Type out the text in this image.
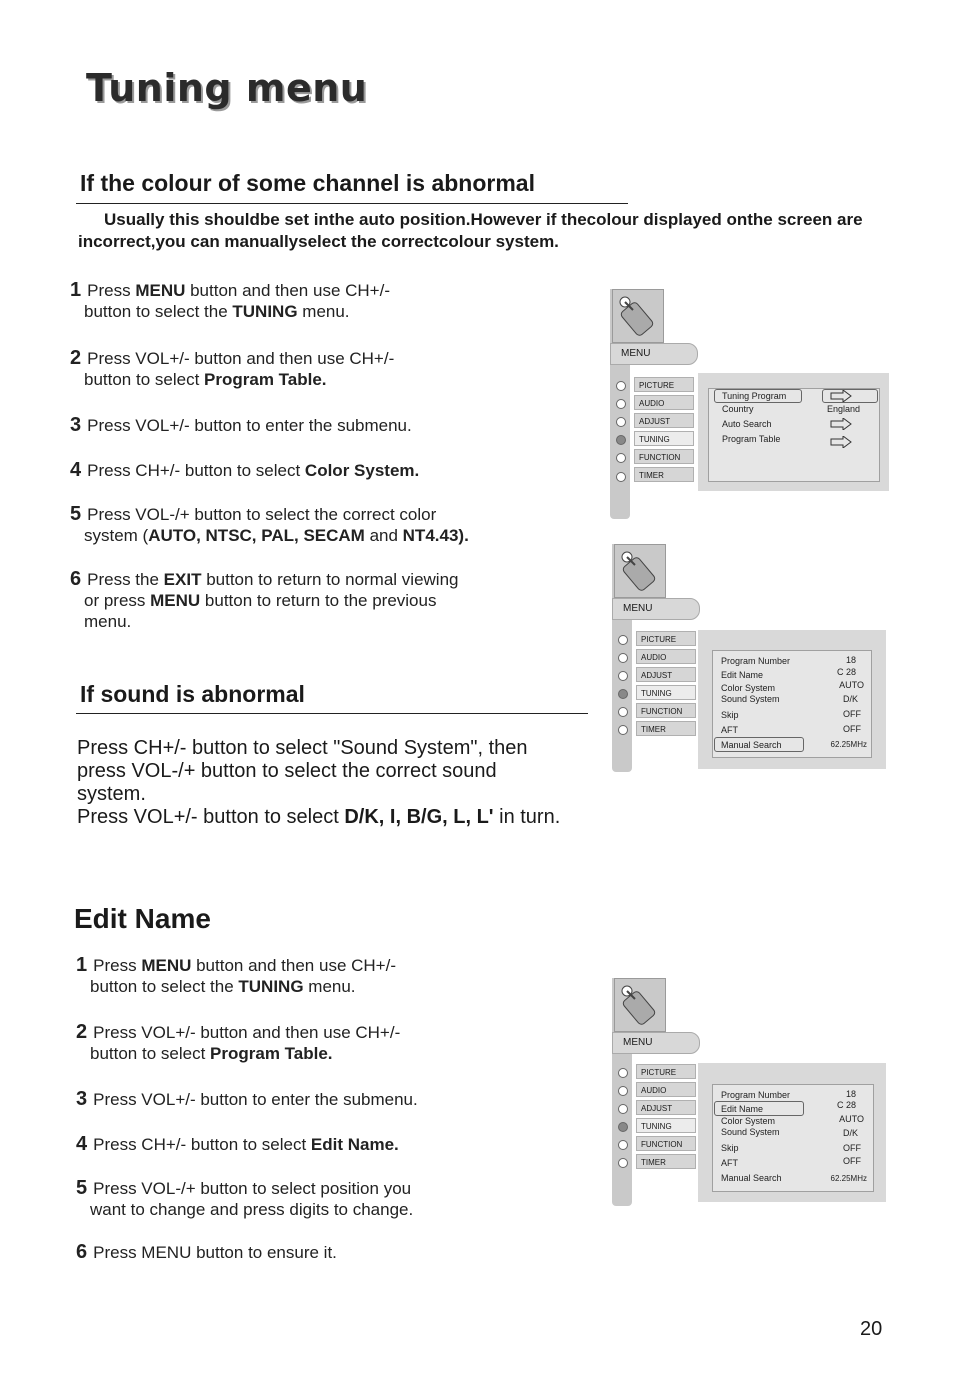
Tuning menu
If the colour of some channel is abnormal
Usually this shouldbe set inthe auto position.However if thecolour displayed onthe screen are incorrect,you can manuallyselect the correctcolour system.
1 Press MENU button and then use CH+/-
button to select the TUNING menu.
2 Press VOL+/- button and then use CH+/-
button to select Program Table.
3 Press VOL+/- button to enter the submenu.
4 Press CH+/- button to select Color System.
5 Press VOL-/+ button to select the correct color
system (AUTO, NTSC, PAL, SECAM and NT4.43).
6 Press the EXIT button to return to normal viewing
or press MENU button to return to the previous
menu.
If sound is abnormal
Press CH+/- button to select "Sound System", then
press VOL-/+ button to select the correct sound
system.
Press VOL+/- button to select D/K, I, B/G, L, L' in turn.
Edit Name
1 Press MENU button and then use CH+/-
button to select the TUNING menu.
2 Press VOL+/- button and then use CH+/-
button to select Program Table.
3 Press VOL+/- button to enter the submenu.
4 Press CH+/- button to select Edit Name.
5 Press VOL-/+ button to select position you
want to change and press digits to change.
6 Press MENU button to ensure it.
MENU
PICTURE
AUDIO
ADJUST
TUNING
FUNCTION
TIMER
Tuning Program
Country	England
Auto Search
Program Table
MENU
PICTURE
AUDIO
ADJUST
TUNING
FUNCTION
TIMER
Program Number
Edit Name
Color System
Sound System
Skip
AFT
Manual Search
18
C 28
AUTO
D/K
OFF
OFF
62.25MHz
MENU
PICTURE
AUDIO
ADJUST
TUNING
FUNCTION
TIMER
Program Number
Edit Name
Color System
Sound System
Skip
AFT
Manual Search
18
C 28
AUTO
D/K
OFF
OFF
62.25MHz
20
